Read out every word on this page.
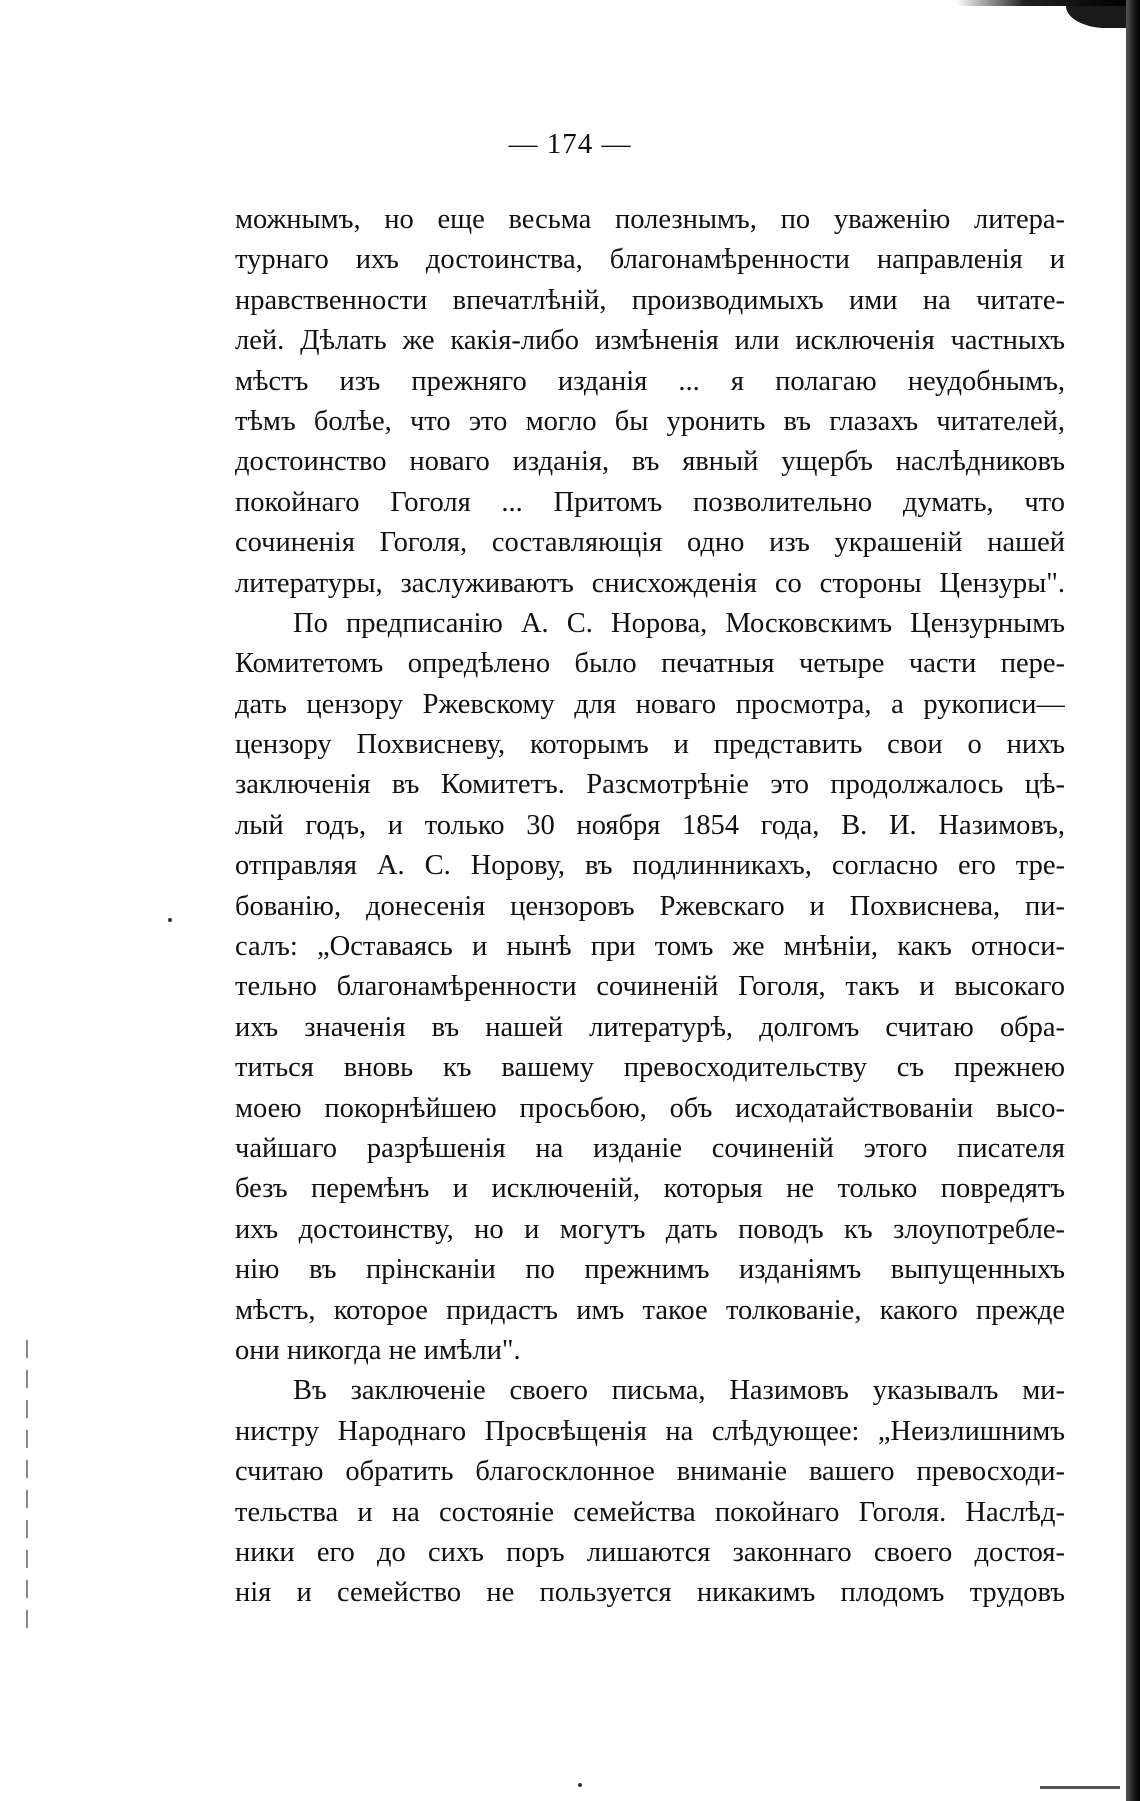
— 174 —
можнымъ, но еще весьма полезнымъ, по уваженію литера-
турнаго ихъ достоинства, благонамѣренности направленія и
нравственности впечатлѣній, производимыхъ ими на читате-
лей. Дѣлать же какія-либо измѣненія или исключенія частныхъ
мѣстъ изъ прежняго изданія ... я полагаю неудобнымъ,
тѣмъ болѣе, что это могло бы уронить въ глазахъ читателей,
достоинство новаго изданія, въ явный ущербъ наслѣдниковъ
покойнаго Гоголя ... Притомъ позволительно думать, что
сочиненія Гоголя, составляющія одно изъ украшеній нашей
литературы, заслуживаютъ снисхожденія со стороны Цензуры".
По предписанію А. С. Норова, Московскимъ Цензурнымъ
Комитетомъ опредѣлено было печатныя четыре части пере-
дать цензору Ржевскому для новаго просмотра, а рукописи—
цензору Похвисневу, которымъ и представить свои о нихъ
заключенія въ Комитетъ. Разсмотрѣніе это продолжалось цѣ-
лый годъ, и только 30 ноября 1854 года, В. И. Назимовъ,
отправляя А. С. Норову, въ подлинникахъ, согласно его тре-
бованію, донесенія цензоровъ Ржевскаго и Похвиснева, пи-
салъ: „Оставаясь и нынѣ при томъ же мнѣніи, какъ относи-
тельно благонамѣренности сочиненій Гоголя, такъ и высокаго
ихъ значенія въ нашей литературѣ, долгомъ считаю обра-
титься вновь къ вашему превосходительству съ прежнею
моею покорнѣйшею просьбою, объ исходатайствованіи высо-
чайшаго разрѣшенія на изданіе сочиненій этого писателя
безъ перемѣнъ и исключеній, которыя не только повредятъ
ихъ достоинству, но и могутъ дать поводъ къ злоупотребле-
нію въ прінсканіи по прежнимъ изданіямъ выпущенныхъ
мѣстъ, которое придастъ имъ такое толкованіе, какого прежде
они никогда не имѣли".
Въ заключеніе своего письма, Назимовъ указывалъ ми-
нистру Народнаго Просвѣщенія на слѣдующее: „Неизлишнимъ
считаю обратить благосклонное вниманіе вашего превосходи-
тельства и на состояніе семейства покойнаго Гоголя. Наслѣд-
ники его до сихъ поръ лишаются законнаго своего достоя-
нія и семейство не пользуется никакимъ плодомъ трудовъ
